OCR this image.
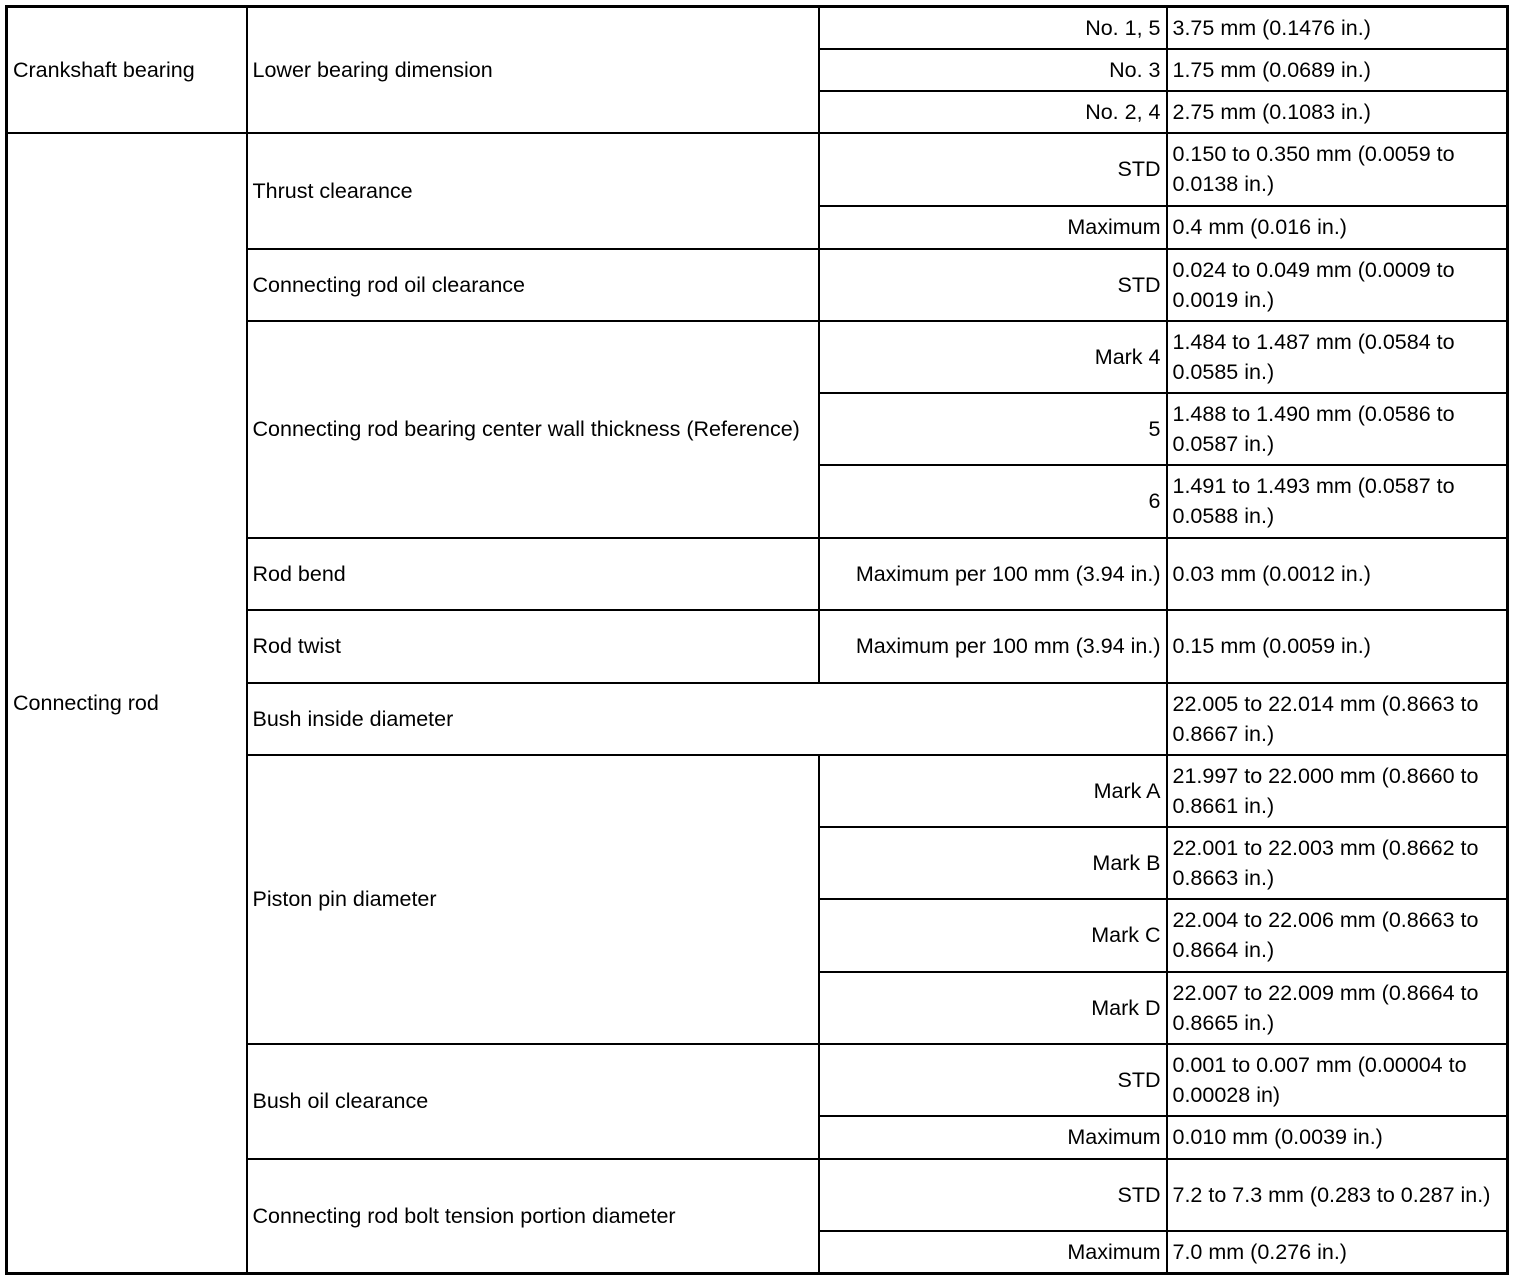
Crankshaft bearing	Lower bearing dimension	No. 1, 5	3.75 mm (0.1476 in.)
		No. 3	1.75 mm (0.0689 in.)
		No. 2, 4	2.75 mm (0.1083 in.)
Connecting rod	Thrust clearance	STD	0.150 to 0.350 mm (0.0059 to 0.0138 in.)
		Maximum	0.4 mm (0.016 in.)
	Connecting rod oil clearance	STD	0.024 to 0.049 mm (0.0009 to 0.0019 in.)
	Connecting rod bearing center wall thickness (Reference)	Mark 4	1.484 to 1.487 mm (0.0584 to 0.0585 in.)
		5	1.488 to 1.490 mm (0.0586 to 0.0587 in.)
		6	1.491 to 1.493 mm (0.0587 to 0.0588 in.)
	Rod bend	Maximum per 100 mm (3.94 in.)	0.03 mm (0.0012 in.)
	Rod twist	Maximum per 100 mm (3.94 in.)	0.15 mm (0.0059 in.)
	Bush inside diameter		22.005 to 22.014 mm (0.8663 to 0.8667 in.)
	Piston pin diameter	Mark A	21.997 to 22.000 mm (0.8660 to 0.8661 in.)
		Mark B	22.001 to 22.003 mm (0.8662 to 0.8663 in.)
		Mark C	22.004 to 22.006 mm (0.8663 to 0.8664 in.)
		Mark D	22.007 to 22.009 mm (0.8664 to 0.8665 in.)
	Bush oil clearance	STD	0.001 to 0.007 mm (0.00004 to 0.00028 in)
		Maximum	0.010 mm (0.0039 in.)
	Connecting rod bolt tension portion diameter	STD	7.2 to 7.3 mm (0.283 to 0.287 in.)
		Maximum	7.0 mm (0.276 in.)
